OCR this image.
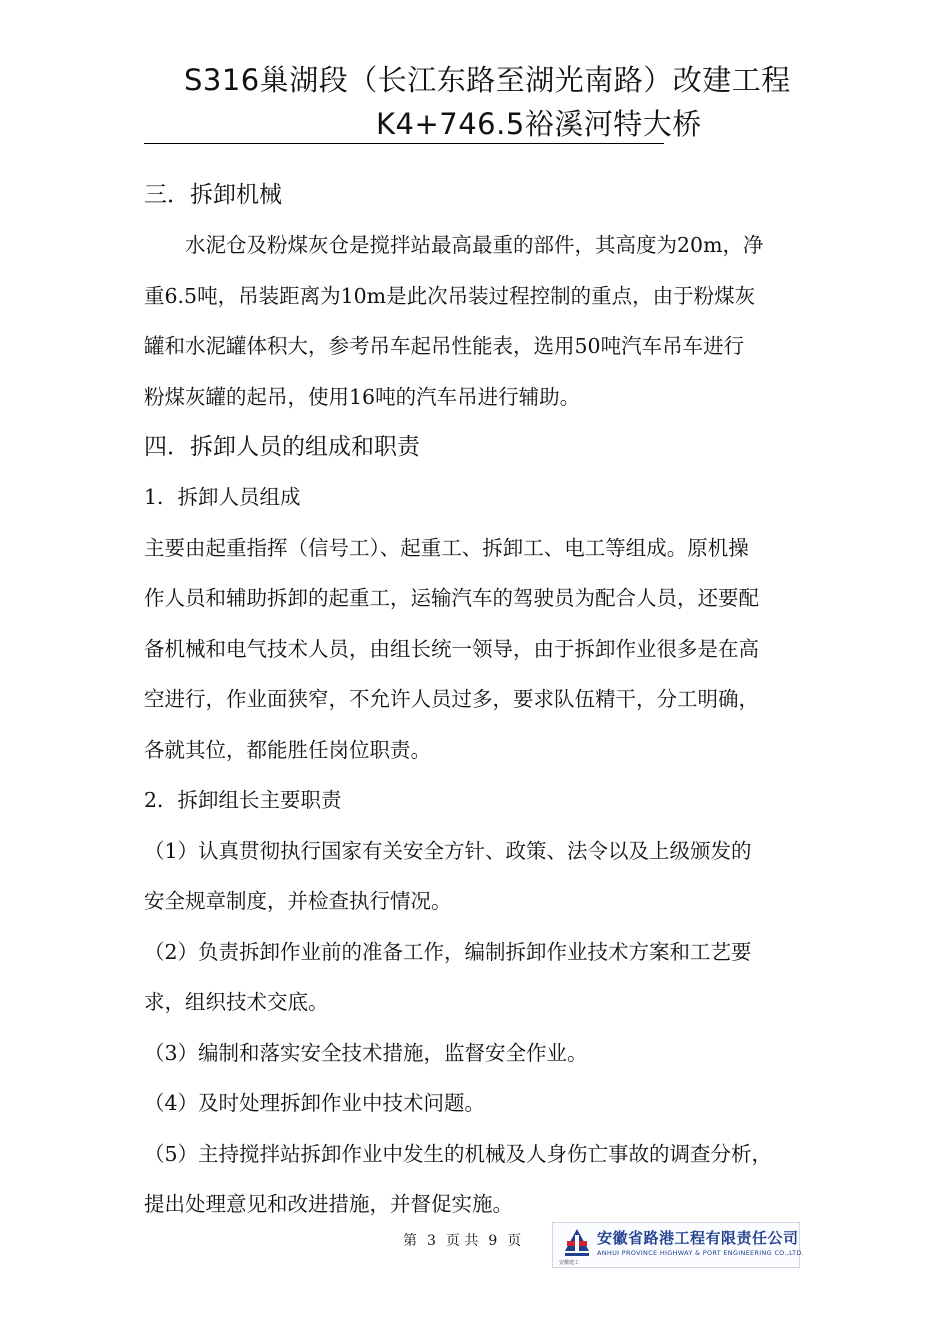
S316巢湖段（长江东路至湖光南路）改建工程
K4+746.5裕溪河特大桥

三．拆卸机械

水泥仓及粉煤灰仓是搅拌站最高最重的部件，其高度为20m，净

重6.5吨，吊装距离为10m是此次吊装过程控制的重点，由于粉煤灰

罐和水泥罐体积大，参考吊车起吊性能表，选用50吨汽车吊车进行

粉煤灰罐的起吊，使用16吨的汽车吊进行辅助。

四．拆卸人员的组成和职责

1．拆卸人员组成

主要由起重指挥（信号工）、起重工、拆卸工、电工等组成。原机操

作人员和辅助拆卸的起重工，运输汽车的驾驶员为配合人员，还要配

备机械和电气技术人员，由组长统一领导，由于拆卸作业很多是在高

空进行，作业面狭窄，不允许人员过多，要求队伍精干，分工明确，

各就其位，都能胜任岗位职责。

2．拆卸组长主要职责

（1）认真贯彻执行国家有关安全方针、政策、法令以及上级颁发的

安全规章制度，并检查执行情况。

（2）负责拆卸作业前的准备工作，编制拆卸作业技术方案和工艺要

求，组织技术交底。

（3）编制和落实安全技术措施，监督安全作业。

（4）及时处理拆卸作业中技术问题。

（5）主持搅拌站拆卸作业中发生的机械及人身伤亡事故的调查分析，

提出处理意见和改进措施，并督促实施。

第 3 页 共 9 页	安徽省路港工程有限责任公司
ANHUI PROVINCE HIGHWAY & PORT ENGINEERING CO.,LTD.
安徽建工
